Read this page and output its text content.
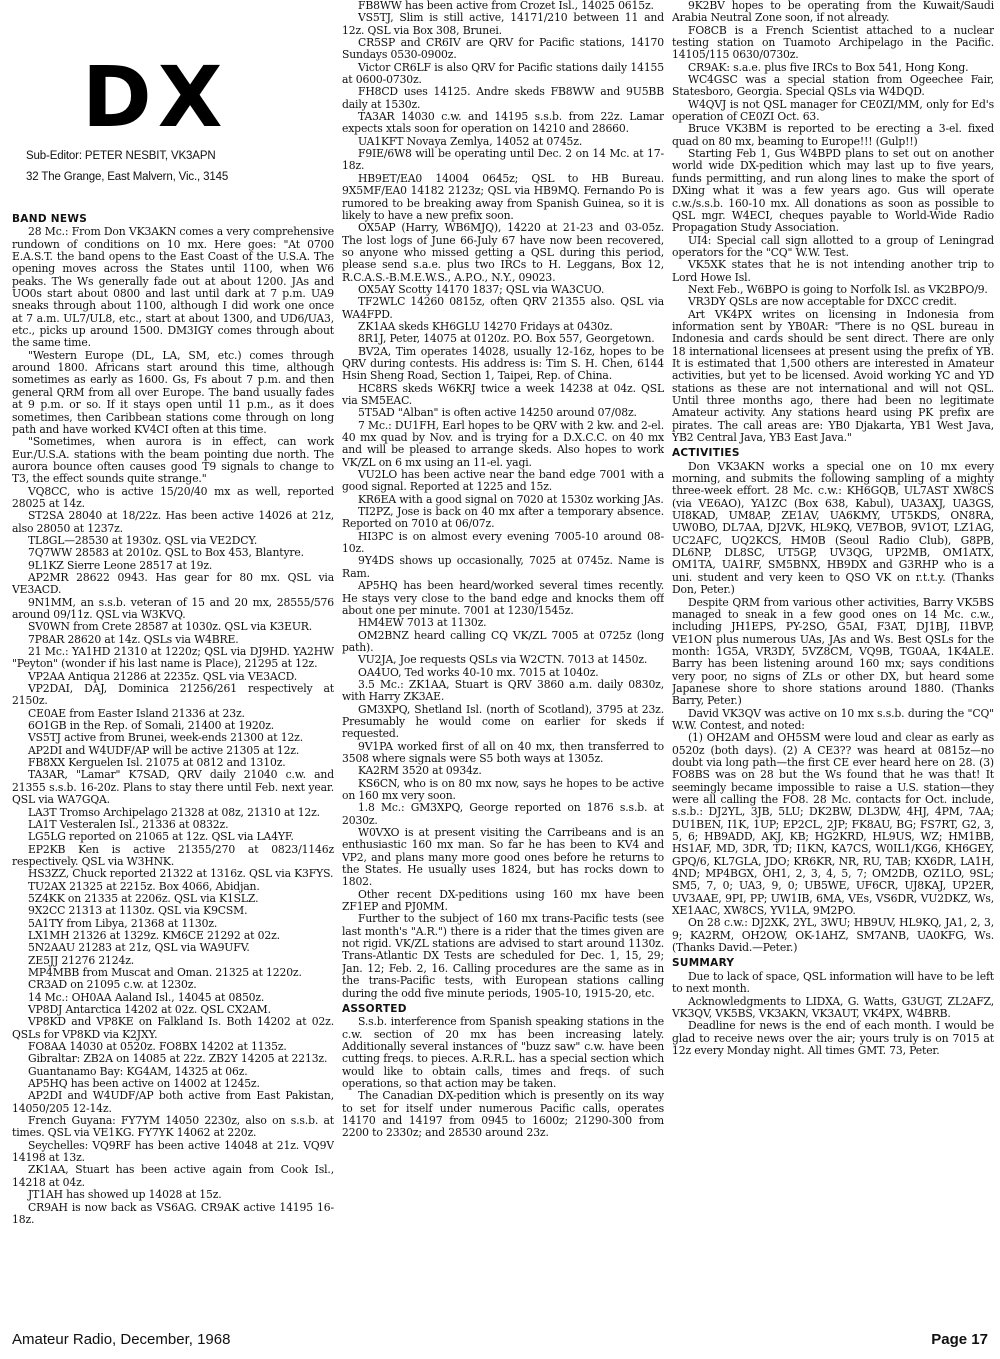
DX
Sub-Editor: PETER NESBIT, VK3APN
32 The Grange, East Malvern, Vic., 3145
BAND NEWS

28 Mc.: From Don VK3AKN comes a very comprehensive rundown of conditions on 10 mx. Here goes: "At 0700 E.A.S.T. the band opens to the East Coast of the U.S.A. The opening moves across the States until 1100, when W6 peaks. The Ws generally fade out at about 1200. JAs and UO0s start about 0800 and last until dark at 7 p.m. UA9 sneaks through about 1100, although I did work one once at 7 a.m. UL7/UL8, etc., start at about 1300, and UD6/UA3, etc., picks up around 1500. DM3IGY comes through about the same time.

"Western Europe (DL, LA, SM, etc.) comes through around 1800. Africans start around this time, although sometimes as early as 1600. Gs, Fs about 7 p.m. and then general QRM from all over Europe. The band usually fades at 9 p.m. or so. If it stays open until 11 p.m., as it does sometimes, then Caribbean stations come through on long path and have worked KV4CI often at this time.

"Sometimes, when aurora is in effect, can work Eur./U.S.A. stations with the beam pointing due north. The aurora bounce often causes good T9 signals to change to T3, the effect sounds quite strange."

VQ8CC, who is active 15/20/40 mx as well, reported 28025 at 14z.

ST2SA 28040 at 18/22z. Has been active 14026 at 21z, also 28050 at 1237z.

TL8GL—28530 at 1930z. QSL via VE2DCY.

7Q7WW 28583 at 2010z. QSL to Box 453, Blantyre.

9L1KZ Sierre Leone 28517 at 19z.

AP2MR 28622 0943. Has gear for 80 mx. QSL via VE3ACD.

9N1MM, an s.s.b. veteran of 15 and 20 mx, 28555/576 around 09/11z. QSL via W3KVQ.

SV0WN from Crete 28587 at 1030z. QSL via K3EUR.

7P8AR 28620 at 14z. QSLs via W4BRE.

21 Mc.: YA1HD 21310 at 1220z; QSL via DJ9HD. YA2HW "Peyton" (wonder if his last name is Place), 21295 at 12z.

VP2AA Antiqua 21286 at 2235z. QSL via VE3ACD.

VP2DAI, DAJ, Dominica 21256/261 respectively at 2150z.

CE0AE from Easter Island 21336 at 23z.

6O1GB in the Rep. of Somali, 21400 at 1920z.

VS5TJ active from Brunei, week-ends 21300 at 12z.

AP2DI and W4UDF/AP will be active 21305 at 12z.

FB8XX Kerguelen Isl. 21075 at 0812 and 1310z.

TA3AR, "Lamar" K7SAD, QRV daily 21040 c.w. and 21355 s.s.b. 16-20z. Plans to stay there until Feb. next year. QSL via WA7GQA.

LA3T Tromso Archipelago 21328 at 08z, 21310 at 12z.

LA1T Vesteralen Isl., 21336 at 0832z.

LG5LG reported on 21065 at 12z. QSL via LA4YF.

EP2KB Ken is active 21355/270 at 0823/1146z respectively. QSL via W3HNK.

HS3ZZ, Chuck reported 21322 at 1316z. QSL via K3FYS.

TU2AX 21325 at 2215z. Box 4066, Abidjan.

5Z4KK on 21335 at 2206z. QSL via K1SLZ.

9X2CC 21313 at 1130z. QSL via K9CSM.

5A1TY from Libya, 21368 at 1130z.

LX1MH 21326 at 1329z. KM6CE 21292 at 02z.

5N2AAU 21283 at 21z, QSL via WA9UFV.

ZE5JJ 21276 2124z.

MP4MBB from Muscat and Oman. 21325 at 1220z.

CR3AD on 21095 c.w. at 1230z.

14 Mc.: OH0AA Aaland Isl., 14045 at 0850z.

VP8DJ Antarctica 14202 at 02z. QSL CX2AM.

VP8KD and VP8KE on Falkland Is. Both 14202 at 02z. QSLs for VP8KD via K2JXY.

FO8AA 14030 at 0520z. FO8BX 14202 at 1135z.

Gibraltar: ZB2A on 14085 at 22z. ZB2Y 14205 at 2213z.

Guantanamo Bay: KG4AM, 14325 at 06z.

AP5HQ has been active on 14002 at 1245z.

AP2DI and W4UDF/AP both active from East Pakistan, 14050/205 12-14z.

French Guyana: FY7YM 14050 2230z, also on s.s.b. at times. QSL via VE1KG. FY7YK 14062 at 220z.

Seychelles: VQ9RF has been active 14048 at 21z. VQ9V 14198 at 13z.

ZK1AA, Stuart has been active again from Cook Isl., 14218 at 04z.

JT1AH has showed up 14028 at 15z.

CR9AH is now back as VS6AG. CR9AK active 14195 16-18z.

FB8WW has been active from Crozet Isl., 14025 0615z.

VS5TJ, Slim is still active, 14171/210 between 11 and 12z. QSL via Box 308, Brunei.

CR5SP and CR6IV are QRV for Pacific stations, 14170 Sundays 0530-0900z.

Victor CR6LF is also QRV for Pacific stations daily 14155 at 0600-0730z.

FH8CD uses 14125. Andre skeds FB8WW and 9U5BB daily at 1530z.

TA3AR 14030 c.w. and 14195 s.s.b. from 22z. Lamar expects xtals soon for operation on 14210 and 28660.

UA1KFT Novaya Zemlya, 14052 at 0745z.

F9IE/6W8 will be operating until Dec. 2 on 14 Mc. at 17-18z.

HB9ET/EA0 14004 0645z; QSL to HB Bureau. 9X5MF/EA0 14182 2123z; QSL via HB9MQ. Fernando Po is rumored to be breaking away from Spanish Guinea, so it is likely to have a new prefix soon.

OX5AP (Harry, WB6MJQ), 14220 at 21-23 and 03-05z. The lost logs of June 66-July 67 have now been recovered, so anyone who missed getting a QSL during this period, please send s.a.e. plus two IRCs to H. Leggans, Box 12, R.C.A.S.-B.M.E.W.S., A.P.O., N.Y., 09023.

OX5AY Scotty 14170 1837; QSL via WA3CUO.

TF2WLC 14260 0815z, often QRV 21355 also. QSL via WA4FPD.

ZK1AA skeds KH6GLU 14270 Fridays at 0430z.

8R1J, Peter, 14075 at 0120z. P.O. Box 557, Georgetown.

BV2A, Tim operates 14028, usually 12-16z, hopes to be QRV during contests. His address is: Tim S. H. Chen, 6144 Hsin Sheng Road, Section 1, Taipei, Rep. of China.

HC8RS skeds W6KRJ twice a week 14238 at 04z. QSL via SM5EAC.

5T5AD "Alban" is often active 14250 around 07/08z.

7 Mc.: DU1FH, Earl hopes to be QRV with 2 kw. and 2-el. 40 mx quad by Nov. and is trying for a D.X.C.C. on 40 mx and will be pleased to arrange skeds. Also hopes to work VK/ZL on 6 mx using an 11-el. yagi.

VU2LO has been active near the band edge 7001 with a good signal. Reported at 1225 and 15z.

KR6EA with a good signal on 7020 at 1530z working JAs.

TI2PZ, Jose is back on 40 mx after a temporary absence. Reported on 7010 at 06/07z.

HI3PC is on almost every evening 7005-10 around 08-10z.

9Y4DS shows up occasionally, 7025 at 0745z. Name is Ram.

AP5HQ has been heard/worked several times recently. He stays very close to the band edge and knocks them off about one per minute. 7001 at 1230/1545z.

HM4EW 7013 at 1130z.

OM2BNZ heard calling CQ VK/ZL 7005 at 0725z (long path).

VU2JA, Joe requests QSLs via W2CTN. 7013 at 1450z.

OA4UO, Ted works 40-10 mx. 7015 at 1040z.

3.5 Mc.: ZK1AA, Stuart is QRV 3860 a.m. daily 0830z, with Harry ZK3AE.

GM3XPQ, Shetland Isl. (north of Scotland), 3795 at 23z. Presumably he would come on earlier for skeds if requested.

9V1PA worked first of all on 40 mx, then transferred to 3508 where signals were S5 both ways at 1305z.

KA2RM 3520 at 0934z.

KS6CN, who is on 80 mx now, says he hopes to be active on 160 mx very soon.

1.8 Mc.: GM3XPQ, George reported on 1876 s.s.b. at 2030z.

W0VXO is at present visiting the Carribeans and is an enthusiastic 160 mx man. So far he has been to KV4 and VP2, and plans many more good ones before he returns to the States. He usually uses 1824, but has rocks down to 1802.

Other recent DX-peditions using 160 mx have been ZF1EP and PJ0MM.

Further to the subject of 160 mx trans-Pacific tests (see last month's "A.R.") there is a rider that the times given are not rigid. VK/ZL stations are advised to start around 1130z. Trans-Atlantic DX Tests are scheduled for Dec. 1, 15, 29; Jan. 12; Feb. 2, 16. Calling procedures are the same as in the trans-Pacific tests, with European stations calling during the odd five minute periods, 1905-10, 1915-20, etc.

ASSORTED

S.s.b. interference from Spanish speaking stations in the c.w. section of 20 mx has been increasing lately. Additionally several instances of "buzz saw" c.w. have been cutting freqs. to pieces. A.R.R.L. has a special section which would like to obtain calls, times and freqs. of such operations, so that action may be taken.

The Canadian DX-pedition which is presently on its way to set for itself under numerous Pacific calls, operates 14170 and 14197 from 0945 to 1600z; 21290-300 from 2200 to 2330z; and 28530 around 23z.

9K2BV hopes to be operating from the Kuwait/Saudi Arabia Neutral Zone soon, if not already.

FO8CB is a French Scientist attached to a nuclear testing station on Tuamoto Archipelago in the Pacific. 14105/115 0630/0730z.

CR9AK: s.a.e. plus five IRCs to Box 541, Hong Kong.

WC4GSC was a special station from Ogeechee Fair, Statesboro, Georgia. Special QSLs via W4DQD.

W4QVJ is not QSL manager for CE0ZI/MM, only for Ed's operation of CE0ZI Oct. 63.

Bruce VK3BM is reported to be erecting a 3-el. fixed quad on 80 mx, beaming to Europe!!! (Gulp!!)

Starting Feb 1, Gus W4BPD plans to set out on another world wide DX-pedition which may last up to five years, funds permitting, and run along lines to make the sport of DXing what it was a few years ago. Gus will operate c.w./s.s.b. 160-10 mx. All donations as soon as possible to QSL mgr. W4ECI, cheques payable to World-Wide Radio Propagation Study Association.

UI4: Special call sign allotted to a group of Leningrad operators for the "CQ" W.W. Test.

VK5XK states that he is not intending another trip to Lord Howe Isl.

Next Feb., W6BPO is going to Norfolk Isl. as VK2BPO/9.

VR3DY QSLs are now acceptable for DXCC credit.

Art VK4PX writes on licensing in Indonesia from information sent by YB0AR: "There is no QSL bureau in Indonesia and cards should be sent direct. There are only 18 international licensees at present using the prefix of YB. It is estimated that 1,500 others are interested in Amateur activities, but yet to be licensed. Avoid working YC and YD stations as these are not international and will not QSL. Until three months ago, there had been no legitimate Amateur activity. Any stations heard using PK prefix are pirates. The call areas are: YB0 Djakarta, YB1 West Java, YB2 Central Java, YB3 East Java."

ACTIVITIES

Don VK3AKN works a special one on 10 mx every morning, and submits the following sampling of a mighty three-week effort. 28 Mc. c.w.: KH6GQB, UL7AST XW8CS (via VE6AO), YA1ZC (Box 638, Kabul), UA3AXJ, UA3GS, UI8KAD, UM8AP, ZE1AV, UA6KMY, UT5KDS, ON8RA, UW0BO, DL7AA, DJ2VK, HL9KQ, VE7BOB, 9V1OT, LZ1AG, UC2AFC, UQ2KCS, HM0B (Seoul Radio Club), G8PB, DL6NP, DL8SC, UT5GP, UV3QG, UP2MB, OM1ATX, OM1TA, UA1RF, SM5BNX, HB9DX and G3RHP who is a uni. student and very keen to QSO VK on r.t.t.y. (Thanks Don, Peter.)

Despite QRM from various other activities, Barry VK5BS managed to sneak in a few good ones on 14 Mc. c.w., including JH1EPS, PY-2SO, G5AI, F3AT, DJ1BJ, I1BVP, VE1ON plus numerous UAs, JAs and Ws. Best QSLs for the month: 1G5A, VR3DY, 5VZ8CM, VQ9B, TG0AA, 1K4ALE. Barry has been listening around 160 mx; says conditions very poor, no signs of ZLs or other DX, but heard some Japanese shore to shore stations around 1880. (Thanks Barry, Peter.)

David VK3QV was active on 10 mx s.s.b. during the "CQ" W.W. Contest, and noted:

(1) OH2AM and OH5SM were loud and clear as early as 0520z (both days). (2) A CE3?? was heard at 0815z—no doubt via long path—the first CE ever heard here on 28. (3) FO8BS was on 28 but the Ws found that he was that! It seemingly became impossible to raise a U.S. station—they were all calling the FO8. 28 Mc. contacts for Oct. include, s.s.b.: DJ2YL, 3JB, 5LU; DK2BW, DL3DW, 4HJ, 4PM, 7AA; DU1BEN, I1K, 1UP; EP2CL, 2JP; FK8AU, BG; FS7RT, G2, 3, 5, 6; HB9ADD, AKJ, KB; HG2KRD, HL9US, WZ; HM1BB, HS1AF, MD, 3DR, TD; I1KN, KA7CS, W0IL1/KG6, KH6GEY, GPQ/6, KL7GLA, JDO; KR6KR, NR, RU, TAB; KX6DR, LA1H, 4ND; MP4BGX, OH1, 2, 3, 4, 5, 7; OM2DB, OZ1LO, 9SL; SM5, 7, 0; UA3, 9, 0; UB5WE, UF6CR, UJ8KAJ, UP2ER, UV3AAE, 9PI, PP; UW1IB, 6MA, VEs, VS6DR, VU2DKZ, Ws, XE1AAC, XW8CS, YV1LA, 9M2PO.

On 28 c.w.: DJ2XK, 2YL, 3WU; HB9UV, HL9KQ, JA1, 2, 3, 9; KA2RM, OH2OW, OK-1AHZ, SM7ANB, UA0KFG, Ws. (Thanks David.—Peter.)

SUMMARY

Due to lack of space, QSL information will have to be left to next month.

Acknowledgments to LIDXA, G. Watts, G3UGT, ZL2AFZ, VK3QV, VK5BS, VK3AKN, VK3AUT, VK4PX, W4BRB.

Deadline for news is the end of each month. I would be glad to receive news over the air; yours truly is on 7015 at 12z every Monday night. All times GMT. 73, Peter.

Amateur Radio, December, 1968	Page 17
